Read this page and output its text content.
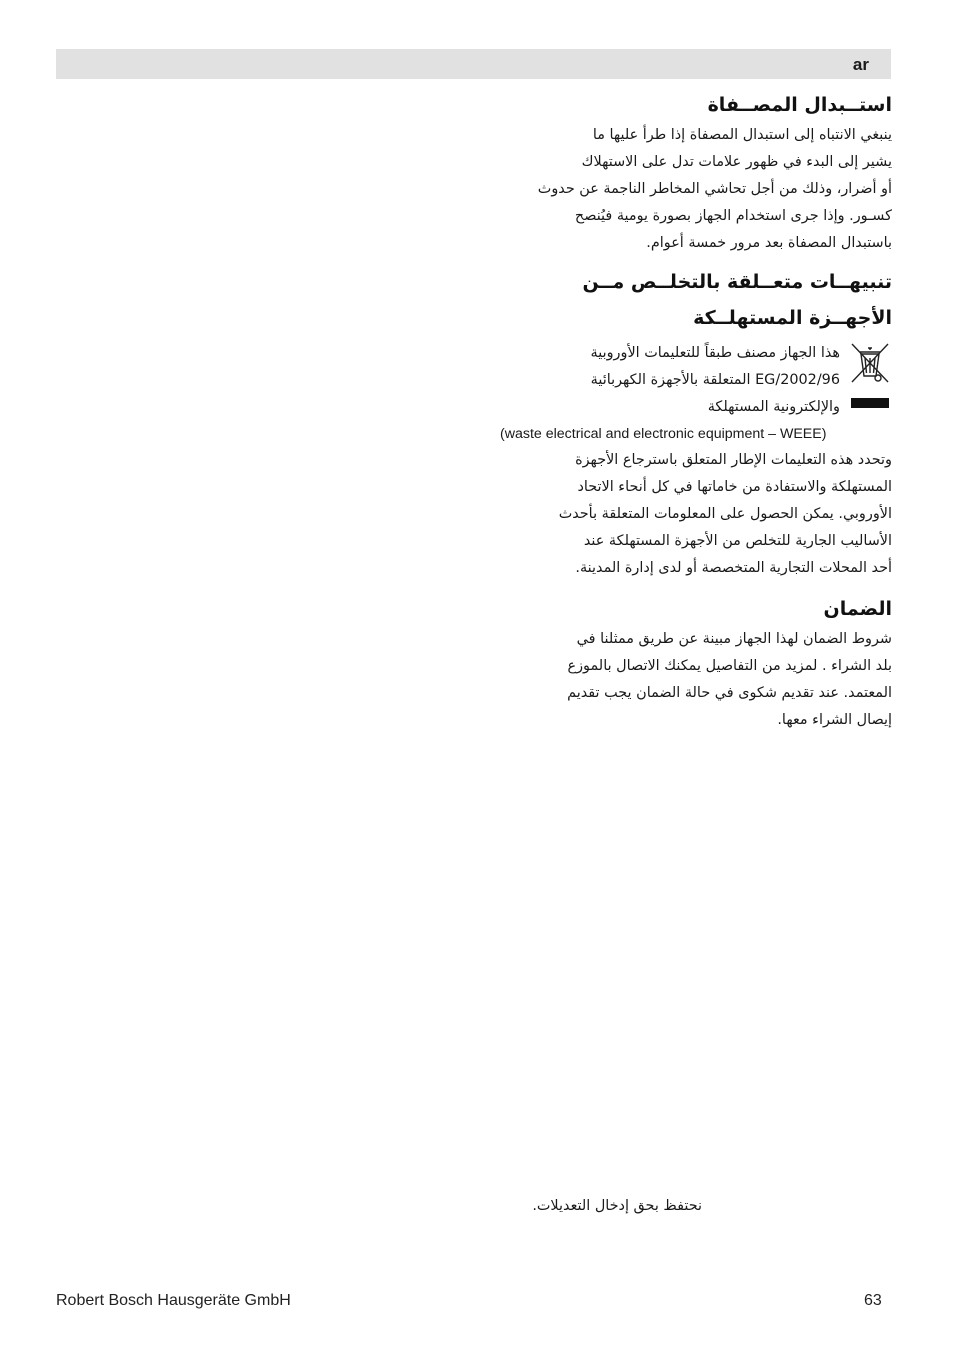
ar
استــبدال المصــفاة

ينبغي الانتباه إلى استبدال المصفاة إذا طرأ عليها ما

يشير إلى البدء في ظهور علامات تدل على الاستهلاك

أو أضرار، وذلك من أجل تحاشي المخاطر الناجمة عن حدوث

كسـور. وإذا جرى استخدام الجهاز بصورة يومية فيُنصح

باستبدال المصفاة بعد مرور خمسة أعوام.

تنبيهــات متعــلقة بالتخلــص مــن
الأجهــزة المستهلــكة

هذا الجهاز مصنف طبقاً للتعليمات الأوروبية

2002/96/EG المتعلقة بالأجهزة الكهربائية

والإلكترونية المستهلكة

(waste electrical and electronic equipment – WEEE)

وتحدد هذه التعليمات الإطار المتعلق باسترجاع الأجهزة

المستهلكة والاستفادة من خاماتها في كل أنحاء الاتحاد

الأوروبي. يمكن الحصول على المعلومات المتعلقة بأحدث

الأساليب الجارية للتخلص من الأجهزة المستهلكة عند

أحد المحلات التجارية المتخصصة أو لدى إدارة المدينة.

الضمان

شروط الضمان لهذا الجهاز مبينة عن طريق ممثلنا في

بلد الشراء . لمزيد من التفاصيل يمكنك الاتصال بالموزع

المعتمد. عند تقديم شكوى في حالة الضمان يجب تقديم

إيصال الشراء معها.

نحتفظ بحق إدخال التعديلات.
Robert Bosch Hausgeräte GmbH	63
